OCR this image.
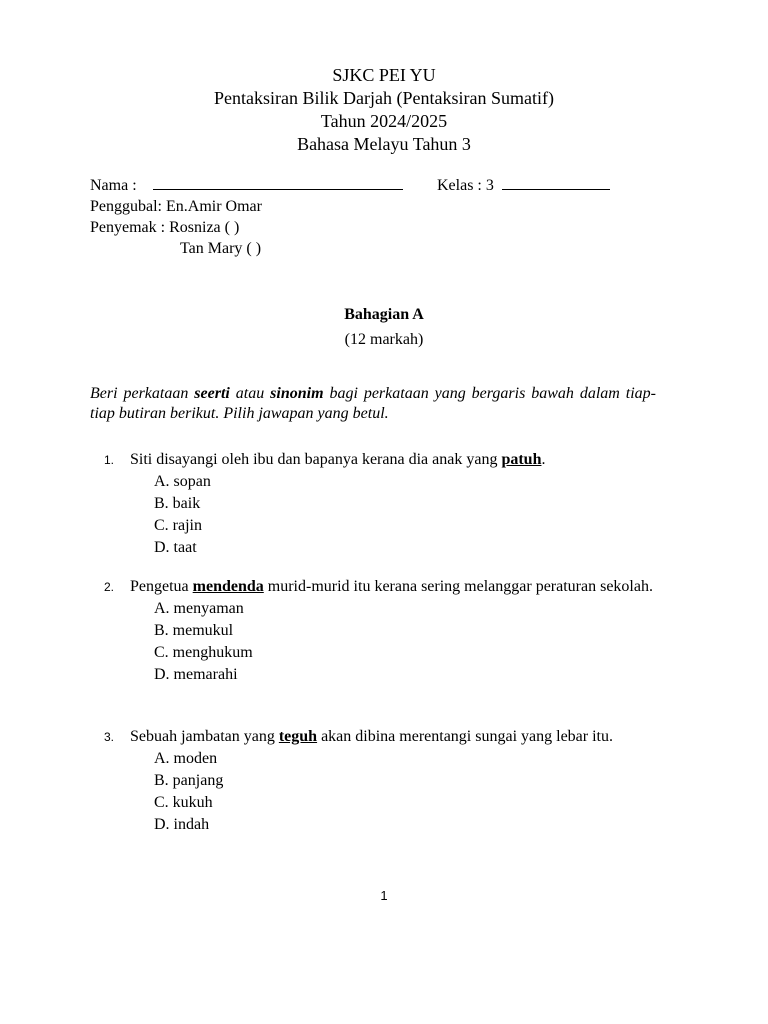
SJKC PEI YU
Pentaksiran Bilik Darjah (Pentaksiran Sumatif)
Tahun 2024/2025
Bahasa Melayu Tahun 3
Nama :	Kelas : 3
Penggubal: En.Amir Omar
Penyemak : Rosniza ( )
Tan Mary ( )
Bahagian A
(12 markah)
Beri perkataan seerti atau sinonim bagi perkataan yang bergaris bawah dalam tiap-tiap butiran berikut. Pilih jawapan yang betul.
1. Siti disayangi oleh ibu dan bapanya kerana dia anak yang patuh.
A. sopan
B. baik
C. rajin
D. taat
2. Pengetua mendenda murid-murid itu kerana sering melanggar peraturan sekolah.
A. menyaman
B. memukul
C. menghukum
D. memarahi
3. Sebuah jambatan yang teguh akan dibina merentangi sungai yang lebar itu.
A. moden
B. panjang
C. kukuh
D. indah
1
